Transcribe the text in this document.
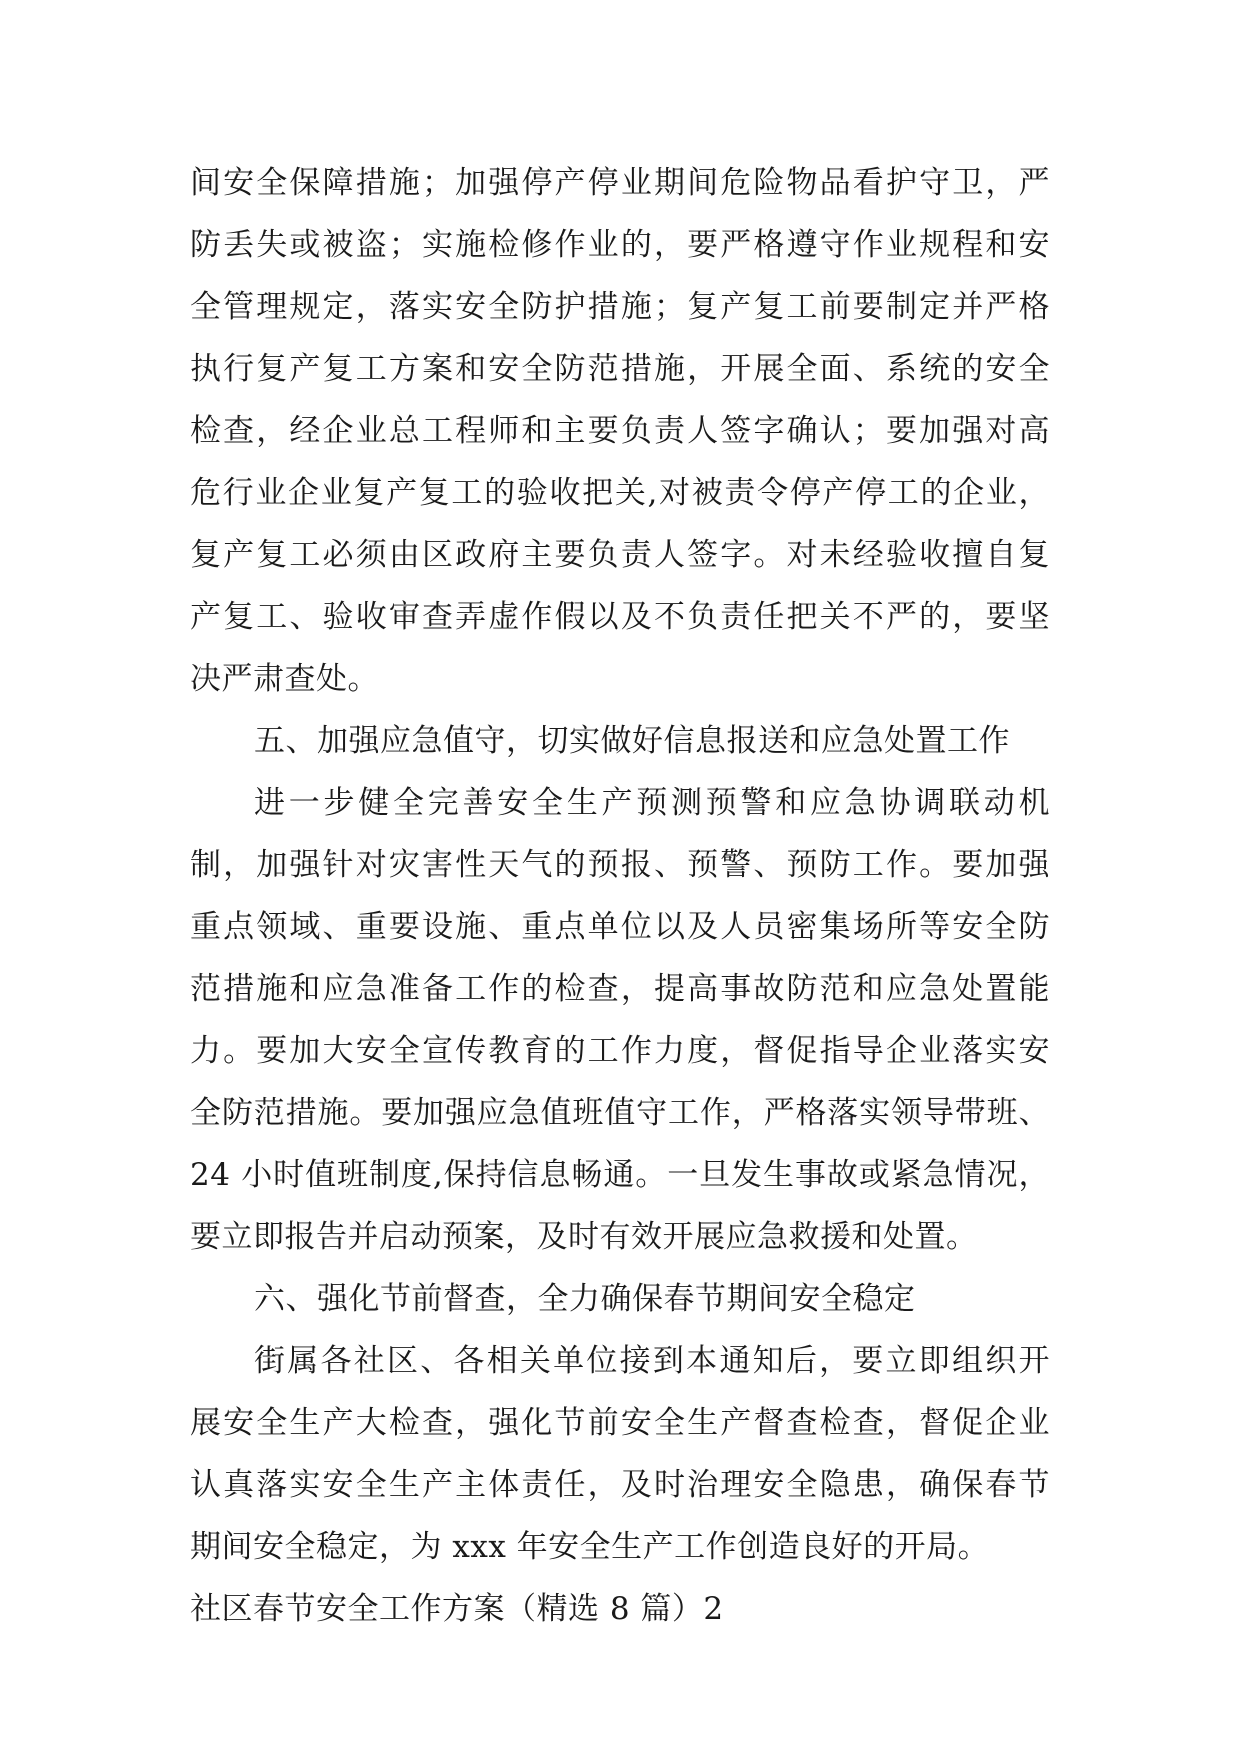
间安全保障措施；加强停产停业期间危险物品看护守卫，严
防丢失或被盗；实施检修作业的，要严格遵守作业规程和安
全管理规定，落实安全防护措施；复产复工前要制定并严格
执行复产复工方案和安全防范措施，开展全面、系统的安全
检查，经企业总工程师和主要负责人签字确认；要加强对高
危行业企业复产复工的验收把关,对被责令停产停工的企业，
复产复工必须由区政府主要负责人签字。对未经验收擅自复
产复工、验收审查弄虚作假以及不负责任把关不严的，要坚
决严肃查处。
五、加强应急值守，切实做好信息报送和应急处置工作
进一步健全完善安全生产预测预警和应急协调联动机
制，加强针对灾害性天气的预报、预警、预防工作。要加强
重点领域、重要设施、重点单位以及人员密集场所等安全防
范措施和应急准备工作的检查，提高事故防范和应急处置能
力。要加大安全宣传教育的工作力度，督促指导企业落实安
全防范措施。要加强应急值班值守工作，严格落实领导带班、
24 小时值班制度,保持信息畅通。一旦发生事故或紧急情况，
要立即报告并启动预案，及时有效开展应急救援和处置。
六、强化节前督查，全力确保春节期间安全稳定
街属各社区、各相关单位接到本通知后，要立即组织开
展安全生产大检查，强化节前安全生产督查检查，督促企业
认真落实安全生产主体责任，及时治理安全隐患，确保春节
期间安全稳定，为 xxx 年安全生产工作创造良好的开局。
社区春节安全工作方案（精选 8 篇）2
